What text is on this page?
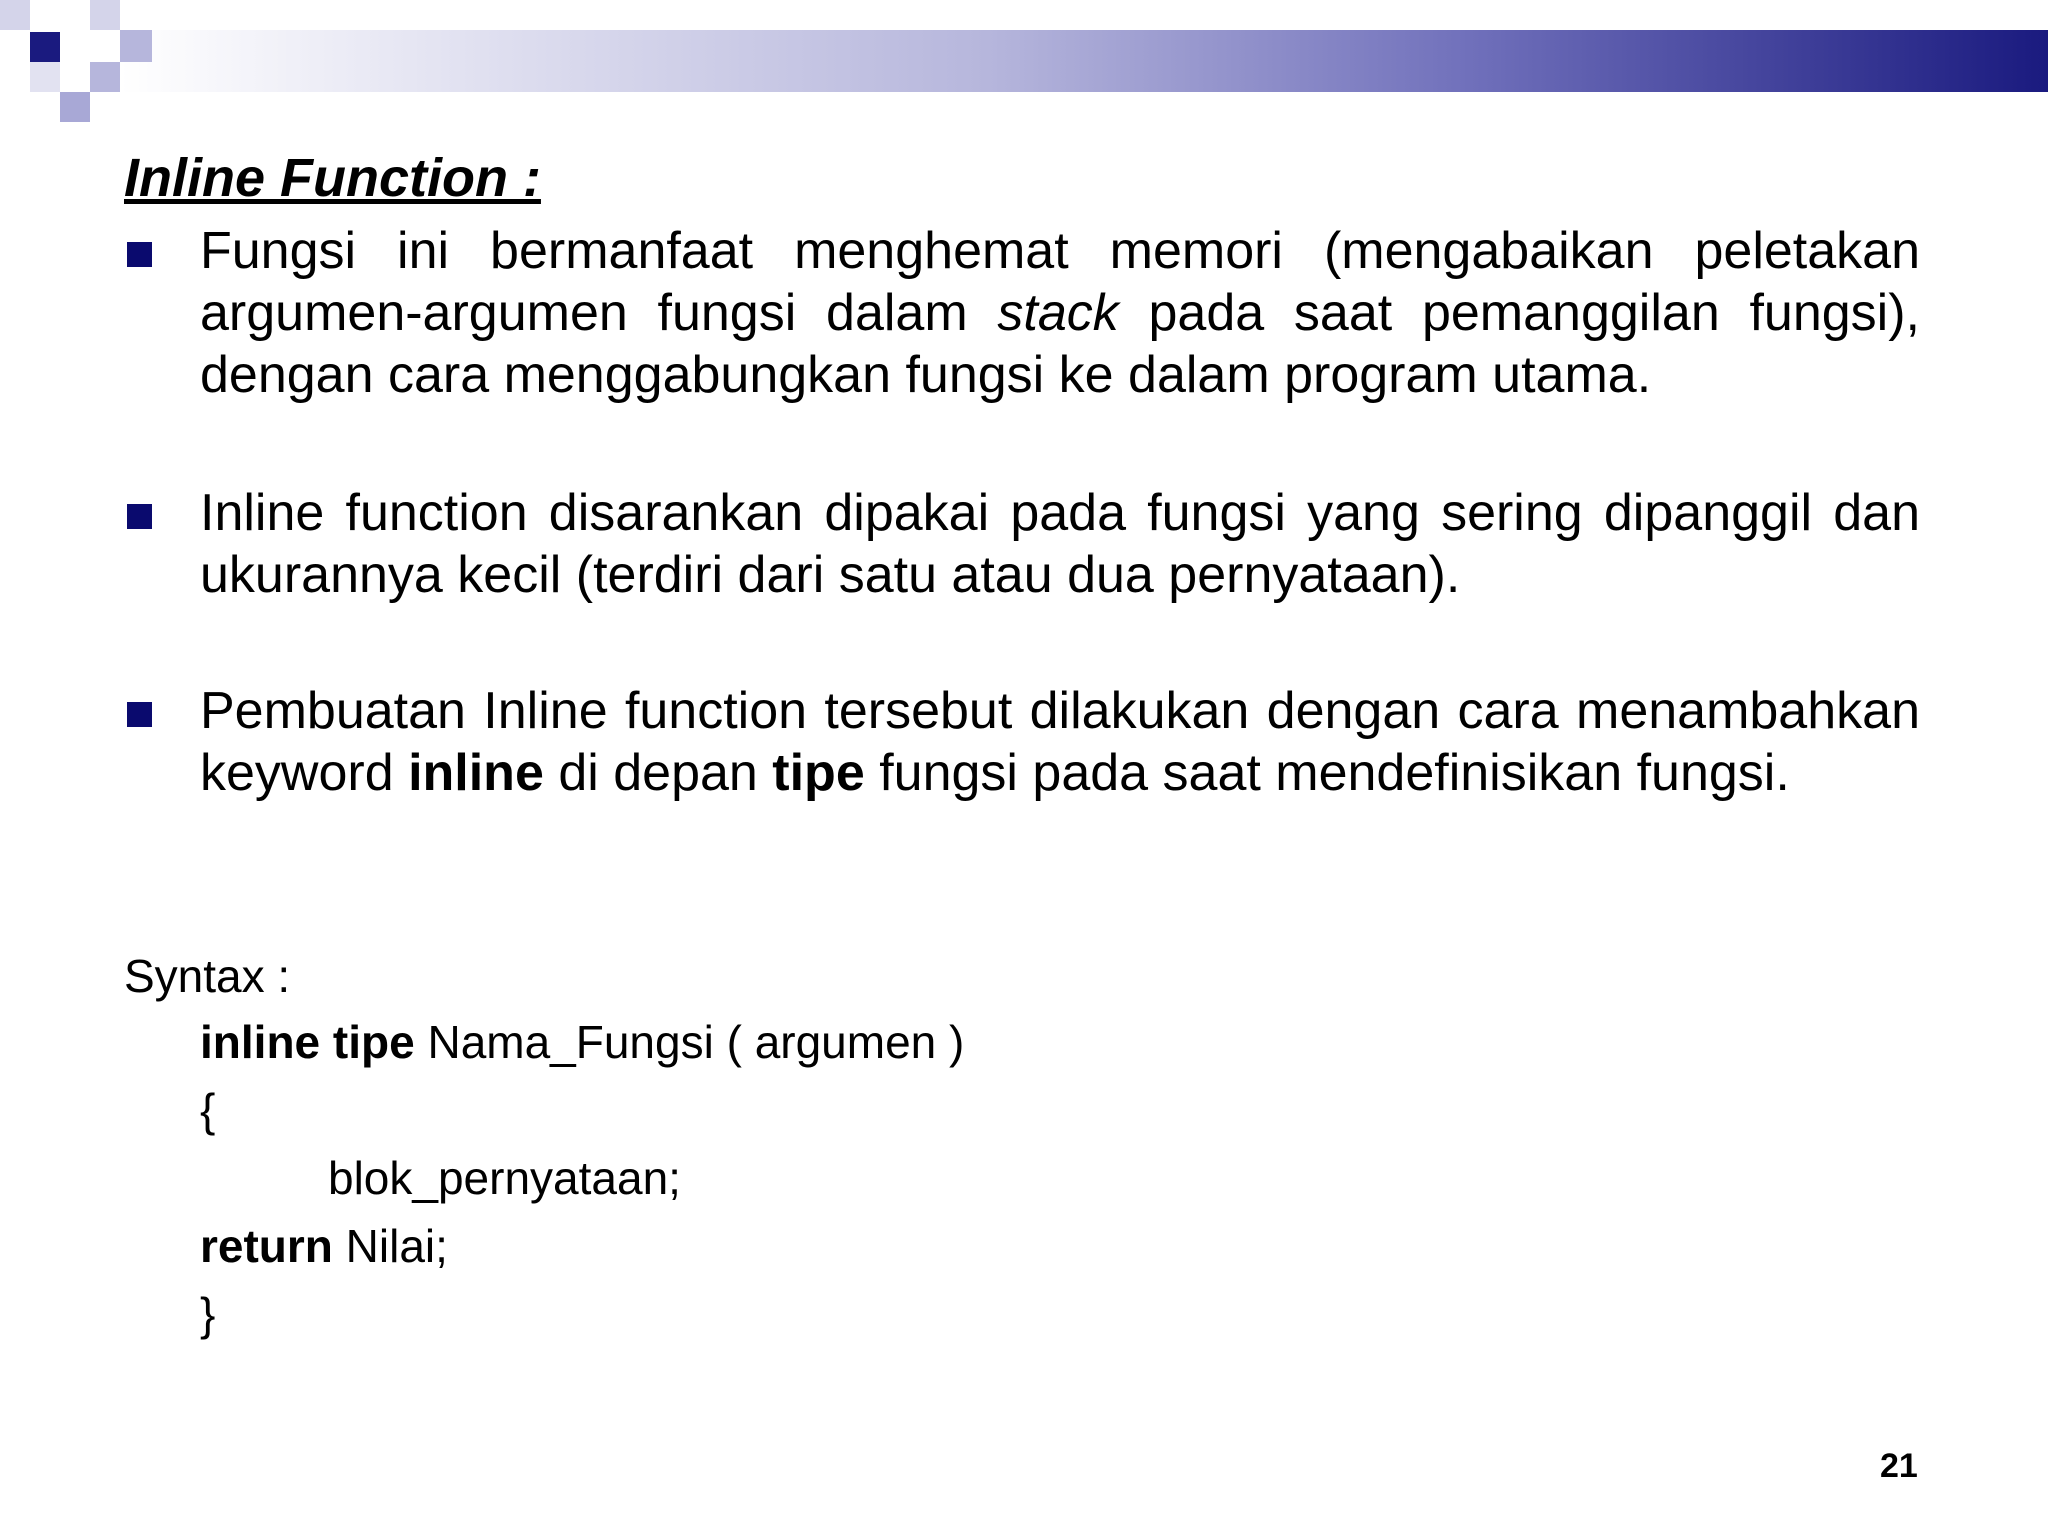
Inline Function :

Fungsi ini bermanfaat menghemat memori (mengabaikan peletakan argumen-argumen fungsi dalam stack pada saat pemanggilan fungsi), dengan cara menggabungkan fungsi ke dalam program utama.

Inline function disarankan dipakai pada fungsi yang sering dipanggil dan ukurannya kecil (terdiri dari satu atau dua pernyataan).

Pembuatan Inline function tersebut dilakukan dengan cara menambahkan keyword inline di depan tipe fungsi pada saat mendefinisikan fungsi.

Syntax :

inline tipe Nama_Fungsi ( argumen )

{

blok_pernyataan;

return Nilai;

}

21
